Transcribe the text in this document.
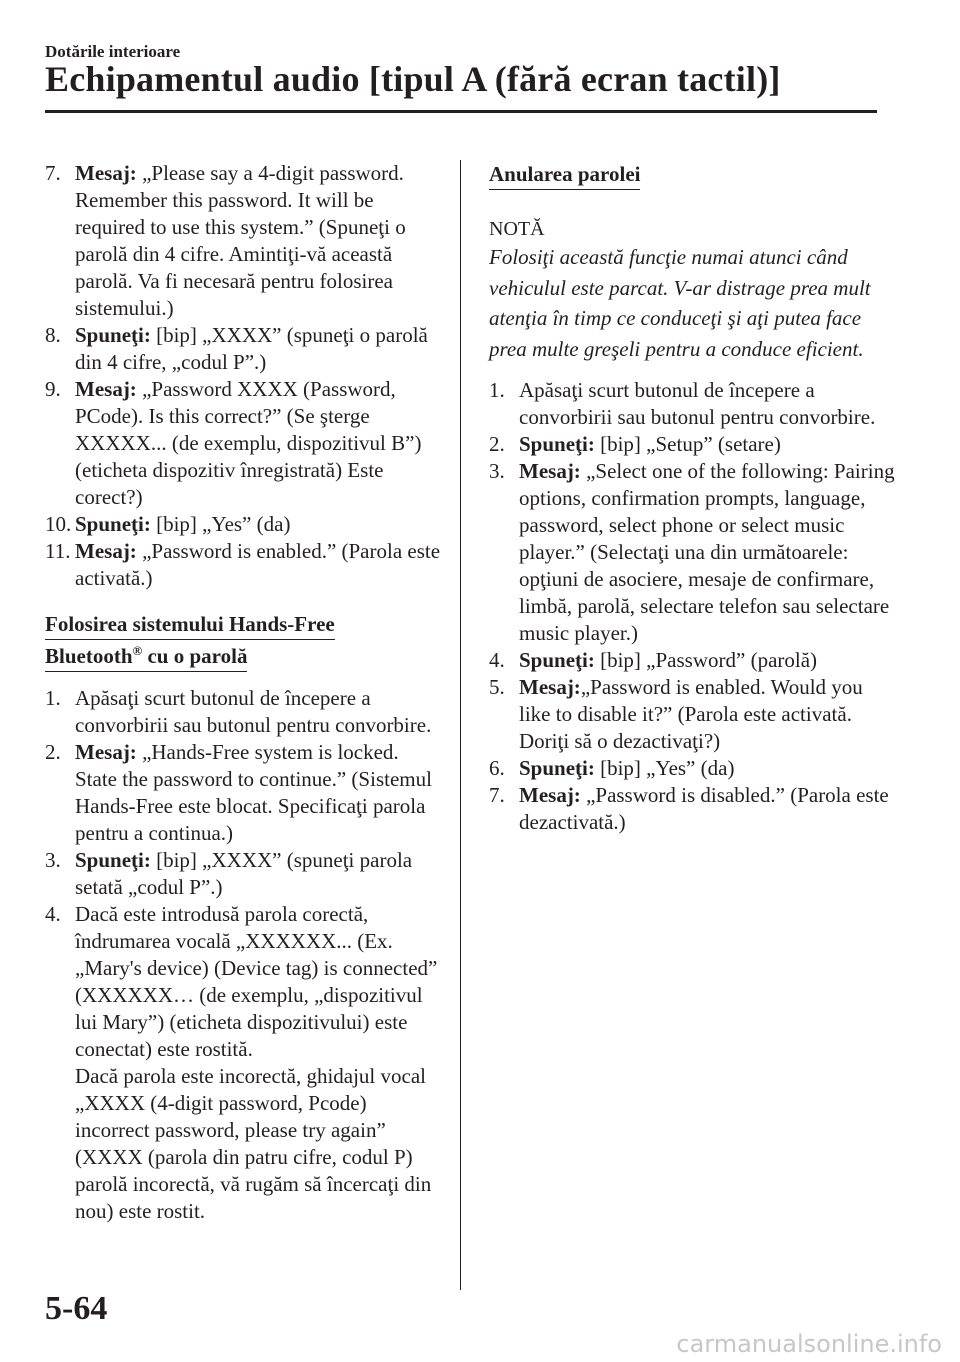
Dotările interioare
Echipamentul audio [tipul A (fără ecran tactil)]
7. Mesaj: „Please say a 4-digit password. Remember this password. It will be required to use this system.” (Spuneţi o parolă din 4 cifre. Amintiţi-vă această parolă. Va fi necesară pentru folosirea sistemului.)
8. Spuneţi: [bip] „XXXX” (spuneţi o parolă din 4 cifre, „codul P”.)
9. Mesaj: „Password XXXX (Password, PCode). Is this correct?” (Se şterge XXXXX... (de exemplu, dispozitivul B”) (eticheta dispozitiv înregistrată) Este corect?)
10. Spuneţi: [bip] „Yes” (da)
11. Mesaj: „Password is enabled.” (Parola este activată.)
Folosirea sistemului Hands-Free
Bluetooth® cu o parolă
1. Apăsaţi scurt butonul de începere a convorbirii sau butonul pentru convorbire.
2. Mesaj: „Hands-Free system is locked. State the password to continue.” (Sistemul Hands-Free este blocat. Specificaţi parola pentru a continua.)
3. Spuneţi: [bip] „XXXX” (spuneţi parola setată „codul P”.)
4. Dacă este introdusă parola corectă, îndrumarea vocală „XXXXXX... (Ex. „Mary's device) (Device tag) is connected” (XXXXXX… (de exemplu, „dispozitivul lui Mary”) (eticheta dispozitivului) este conectat) este rostită.
Dacă parola este incorectă, ghidajul vocal „XXXX (4-digit password, Pcode) incorrect password, please try again” (XXXX (parola din patru cifre, codul P) parolă incorectă, vă rugăm să încercaţi din nou) este rostit.
Anularea parolei
NOTĂ
Folosiţi această funcţie numai atunci când vehiculul este parcat. V-ar distrage prea mult atenţia în timp ce conduceţi şi aţi putea face prea multe greşeli pentru a conduce eficient.
1. Apăsaţi scurt butonul de începere a convorbirii sau butonul pentru convorbire.
2. Spuneţi: [bip] „Setup” (setare)
3. Mesaj: „Select one of the following: Pairing options, confirmation prompts, language, password, select phone or select music player.” (Selectaţi una din următoarele: opţiuni de asociere, mesaje de confirmare, limbă, parolă, selectare telefon sau selectare music player.)
4. Spuneţi: [bip] „Password” (parolă)
5. Mesaj:„Password is enabled. Would you like to disable it?” (Parola este activată. Doriţi să o dezactivaţi?)
6. Spuneţi: [bip] „Yes” (da)
7. Mesaj: „Password is disabled.” (Parola este dezactivată.)
5-64
carmanualsonline.info
